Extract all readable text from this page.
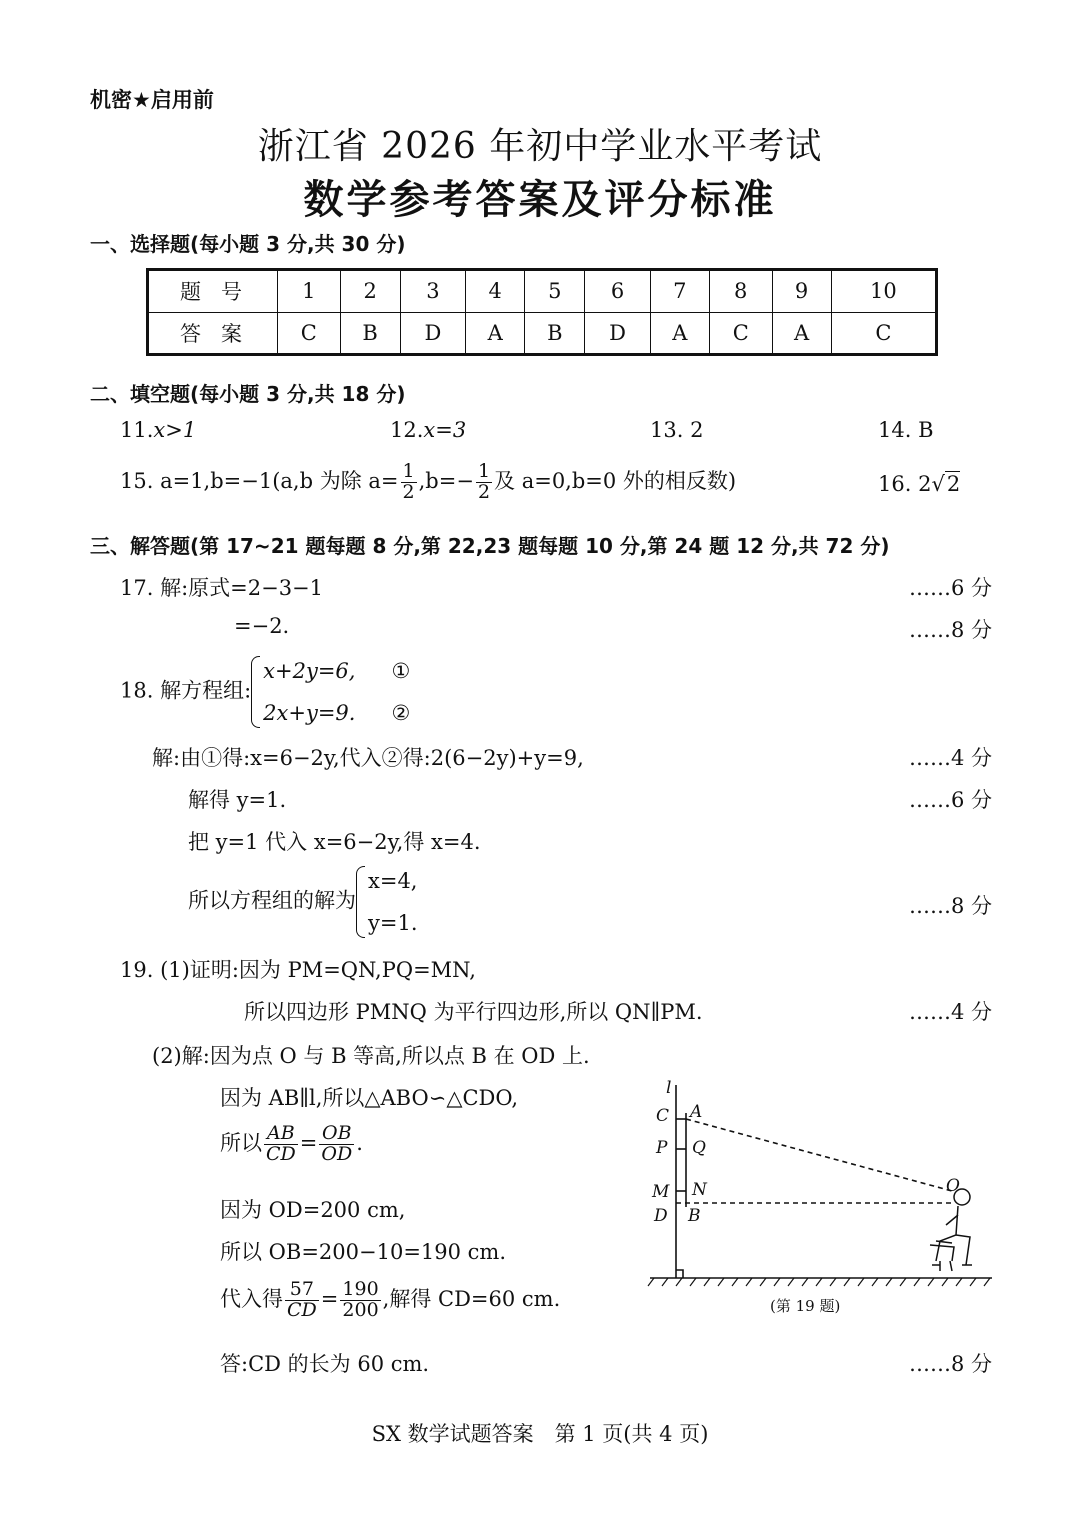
机密★启用前
浙江省 2026 年初中学业水平考试
数学参考答案及评分标准
一、选择题(每小题 3 分,共 30 分)
题号	1	2	3	4	5	6	7	8	9	10
答案	C	B	D	A	B	D	A	C	A	C
二、填空题(每小题 3 分,共 18 分)
11.x>1	12.x=3	13. 2	14. B
15. a=1,b=−1(a,b 为除 $a= \frac{1}{2} ,b=- \frac{1}{2}$ 及 a=0,b=0 外的相反数)	16. 2√2
三、解答题(第 17~21 题每题 8 分,第 22,23 题每题 10 分,第 24 题 12 分,共 72 分)
17. 解:原式=2−3−1	……6 分
=−2.	……8 分
18. 解方程组:
x+2y=6, ①
2x+y=9. ②
解:由①得:x=6−2y,代入②得:2(6−2y)+y=9,	……4 分
解得 y=1.	……6 分
把 y=1 代入 x=6−2y,得 x=4.
所以方程组的解为
x=4,
y=1.
……8 分
19. (1)证明:因为 PM=QN,PQ=MN,
所以四边形 PMNQ 为平行四边形,所以 QN∥PM.	……4 分
(2)解:因为点 O 与 B 等高,所以点 B 在 OD 上.
因为 AB∥l,所以△ABO∽△CDO,
所以 $\frac{AB}{CD} = \frac{OB}{OD}$ .
因为 OD=200 cm,
所以 OB=200−10=190 cm.
代入得 $\frac{57}{CD} = \frac{190}{200}$ ,解得 CD=60 cm.
答:CD 的长为 60 cm.	……8 分
l
C A
P Q
M N
D B
O
(第 19 题)
SX 数学试题答案　第 1 页(共 4 页)
